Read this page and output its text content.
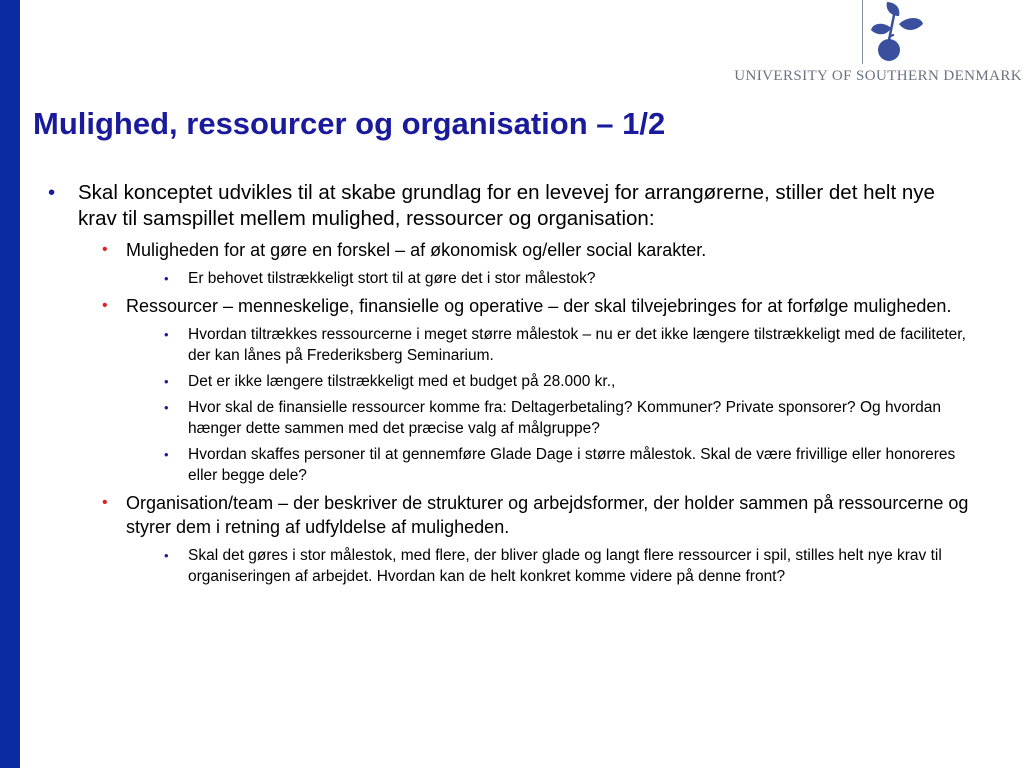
UNIVERSITY OF SOUTHERN DENMARK
Mulighed, ressourcer og organisation – 1/2
• Skal konceptet udvikles til at skabe grundlag for en levevej for arrangørerne, stiller det helt nye krav til samspillet mellem mulighed, ressourcer og organisation:
• Muligheden for at gøre en forskel – af økonomisk og/eller social karakter.
• Er behovet tilstrækkeligt stort til at gøre det i stor målestok?
• Ressourcer – menneskelige, finansielle og operative – der skal tilvejebringes for at forfølge muligheden.
• Hvordan tiltrækkes ressourcerne i meget større målestok – nu er det ikke længere tilstrækkeligt med de faciliteter, der kan lånes på Frederiksberg Seminarium.
• Det er ikke længere tilstrækkeligt med et budget på 28.000 kr.,
• Hvor skal de finansielle ressourcer komme fra: Deltagerbetaling? Kommuner? Private sponsorer? Og hvordan hænger dette sammen med det præcise valg af målgruppe?
• Hvordan skaffes personer til at gennemføre Glade Dage i større målestok. Skal de være frivillige eller honoreres eller begge dele?
• Organisation/team – der beskriver de strukturer og arbejdsformer, der holder sammen på ressourcerne og styrer dem i retning af udfyldelse af muligheden.
• Skal det gøres i stor målestok, med flere, der bliver glade og langt flere ressourcer i spil, stilles helt nye krav til organiseringen af arbejdet. Hvordan kan de helt konkret komme videre på denne front?
